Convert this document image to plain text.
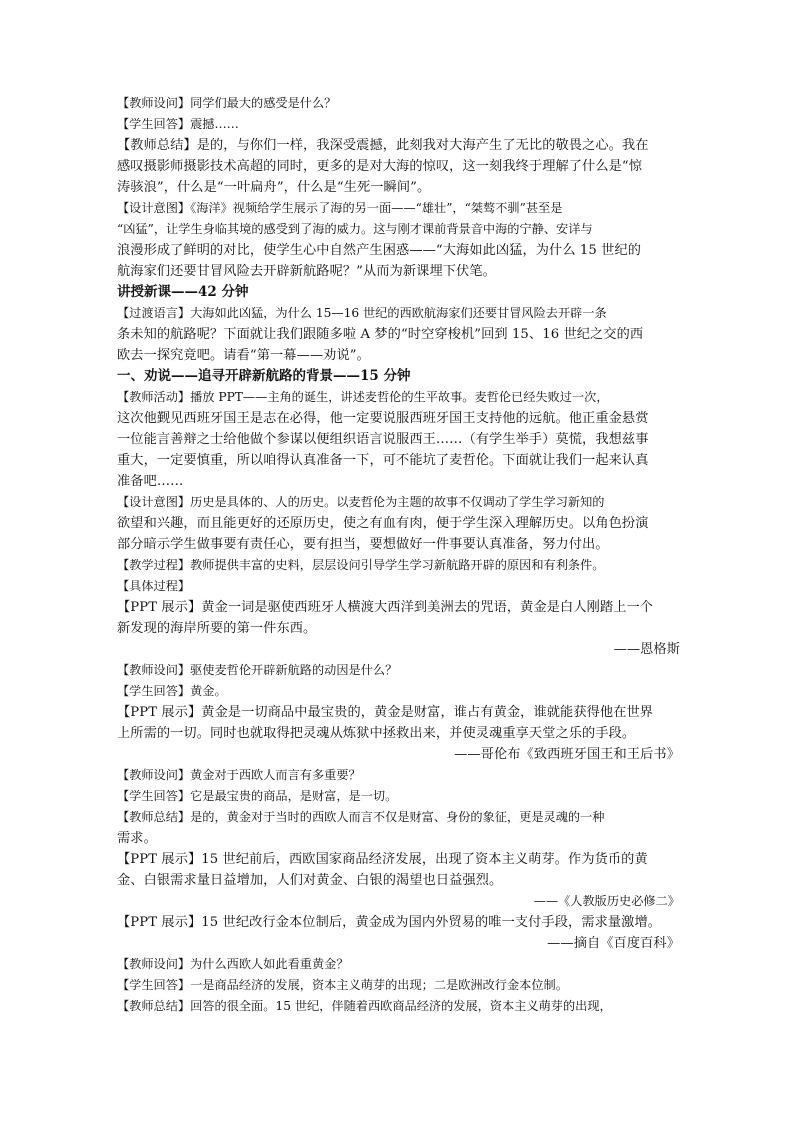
【教师设问】同学们最大的感受是什么？
【学生回答】震撼……
【教师总结】是的，与你们一样，我深受震撼，此刻我对大海产生了无比的敬畏之心。我在
感叹摄影师摄影技术高超的同时，更多的是对大海的惊叹，这一刻我终于理解了什么是“惊
涛骇浪”，什么是“一叶扁舟”，什么是“生死一瞬间”。
【设计意图】《海洋》视频给学生展示了海的另一面——“雄壮”，“桀骜不驯”甚至是
“凶猛”，让学生身临其境的感受到了海的威力。这与刚才课前背景音中海的宁静、安详与
浪漫形成了鲜明的对比，使学生心中自然产生困惑——“大海如此凶猛，为什么 15 世纪的
航海家们还要甘冒风险去开辟新航路呢？”从而为新课埋下伏笔。
讲授新课——42 分钟
【过渡语言】大海如此凶猛，为什么 15—16 世纪的西欧航海家们还要甘冒风险去开辟一条
条未知的航路呢？下面就让我们跟随多啦 A 梦的“时空穿梭机”回到 15、16 世纪之交的西
欧去一探究竟吧。请看“第一幕——劝说”。
一、劝说——追寻开辟新航路的背景——15 分钟
【教师活动】播放 PPT——主角的诞生，讲述麦哲伦的生平故事。麦哲伦已经失败过一次，
这次他觐见西班牙国王是志在必得，他一定要说服西班牙国王支持他的远航。他正重金悬赏
一位能言善辩之士给他做个参谋以便组织语言说服西王……（有学生举手）莫慌，我想兹事
重大，一定要慎重，所以咱得认真准备一下，可不能坑了麦哲伦。下面就让我们一起来认真
准备吧……
【设计意图】历史是具体的、人的历史。以麦哲伦为主题的故事不仅调动了学生学习新知的
欲望和兴趣，而且能更好的还原历史，使之有血有肉，便于学生深入理解历史。以角色扮演
部分暗示学生做事要有责任心，要有担当，要想做好一件事要认真准备，努力付出。
【教学过程】教师提供丰富的史料，层层设问引导学生学习新航路开辟的原因和有利条件。
【具体过程】
【PPT 展示】黄金一词是驱使西班牙人横渡大西洋到美洲去的咒语，黄金是白人刚踏上一个
新发现的海岸所要的第一件东西。
——恩格斯
【教师设问】驱使麦哲伦开辟新航路的动因是什么？
【学生回答】黄金。
【PPT 展示】黄金是一切商品中最宝贵的，黄金是财富，谁占有黄金，谁就能获得他在世界
上所需的一切。同时也就取得把灵魂从炼狱中拯救出来，并使灵魂重享天堂之乐的手段。
——哥伦布《致西班牙国王和王后书》
【教师设问】黄金对于西欧人而言有多重要？
【学生回答】它是最宝贵的商品，是财富，是一切。
【教师总结】是的，黄金对于当时的西欧人而言不仅是财富、身份的象征，更是灵魂的一种
需求。
【PPT 展示】15 世纪前后，西欧国家商品经济发展，出现了资本主义萌芽。作为货币的黄
金、白银需求量日益增加，人们对黄金、白银的渴望也日益强烈。
——《人教版历史必修二》
【PPT 展示】15 世纪改行金本位制后，黄金成为国内外贸易的唯一支付手段，需求量激增。
——摘自《百度百科》
【教师设问】为什么西欧人如此看重黄金？
【学生回答】一是商品经济的发展，资本主义萌芽的出现；二是欧洲改行金本位制。
【教师总结】回答的很全面。15 世纪，伴随着西欧商品经济的发展，资本主义萌芽的出现，
